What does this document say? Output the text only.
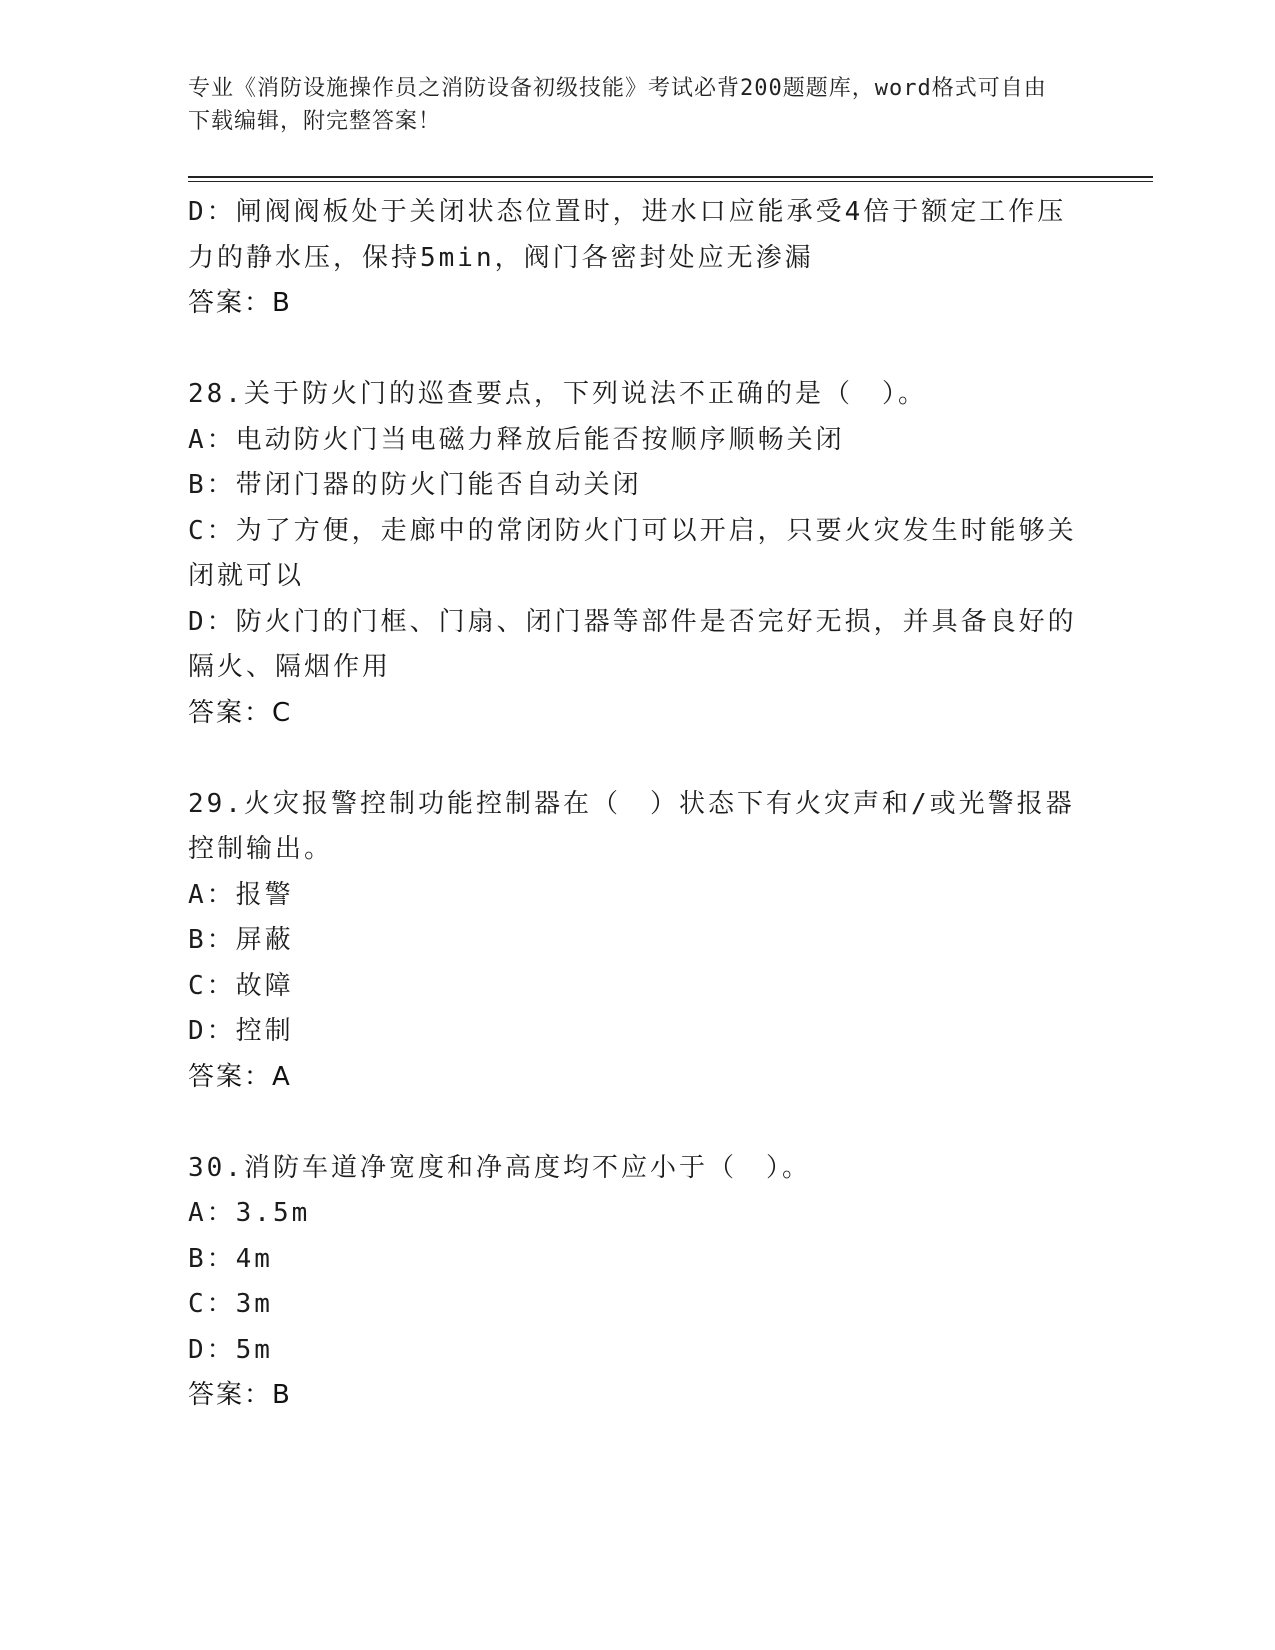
专业《消防设施操作员之消防设备初级技能》考试必背200题题库，word格式可自由下载编辑，附完整答案！
D：闸阀阀板处于关闭状态位置时，进水口应能承受4倍于额定工作压
力的静水压，保持5min，阀门各密封处应无渗漏
答案：B
28.关于防火门的巡查要点，下列说法不正确的是（　）。
A：电动防火门当电磁力释放后能否按顺序顺畅关闭
B：带闭门器的防火门能否自动关闭
C：为了方便，走廊中的常闭防火门可以开启，只要火灾发生时能够关
闭就可以
D：防火门的门框、门扇、闭门器等部件是否完好无损，并具备良好的
隔火、隔烟作用
答案：C
29.火灾报警控制功能控制器在（　）状态下有火灾声和/或光警报器
控制输出。
A：报警
B：屏蔽
C：故障
D：控制
答案：A
30.消防车道净宽度和净高度均不应小于（　）。
A：3.5m
B：4m
C：3m
D：5m
答案：B
